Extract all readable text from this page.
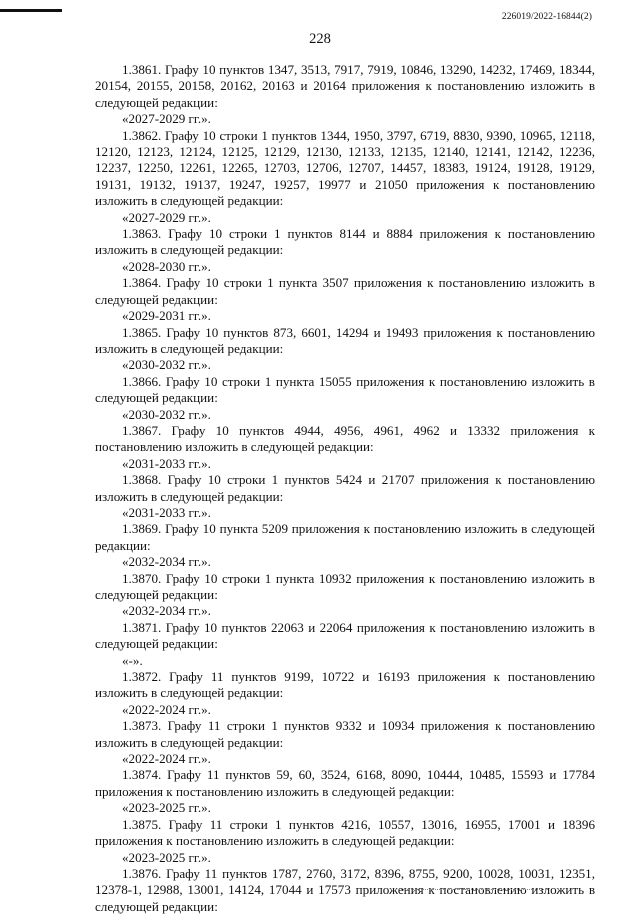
228
226019/2022-16844(2)

1.3861. Графу 10 пунктов 1347, 3513, 7917, 7919, 10846, 13290, 14232, 17469, 18344, 20154, 20155, 20158, 20162, 20163 и 20164 приложения к постановлению изложить в следующей редакции:

«2027-2029 гг.».

1.3862. Графу 10 строки 1 пунктов 1344, 1950, 3797, 6719, 8830, 9390, 10965, 12118, 12120, 12123, 12124, 12125, 12129, 12130, 12133, 12135, 12140, 12141, 12142, 12236, 12237, 12250, 12261, 12265, 12703, 12706, 12707, 14457, 18383, 19124, 19128, 19129, 19131, 19132, 19137, 19247, 19257, 19977 и 21050 приложения к постановлению изложить в следующей редакции:

«2027-2029 гг.».

1.3863. Графу 10 строки 1 пунктов 8144 и 8884 приложения к постановлению изложить в следующей редакции:

«2028-2030 гг.».

1.3864. Графу 10 строки 1 пункта 3507 приложения к постановлению изложить в следующей редакции:

«2029-2031 гг.».

1.3865. Графу 10 пунктов 873, 6601, 14294 и 19493 приложения к постановлению изложить в следующей редакции:

«2030-2032 гг.».

1.3866. Графу 10 строки 1 пункта 15055 приложения к постановлению изложить в следующей редакции:

«2030-2032 гг.».

1.3867. Графу 10 пунктов 4944, 4956, 4961, 4962 и 13332 приложения к постановлению изложить в следующей редакции:

«2031-2033 гг.».

1.3868. Графу 10 строки 1 пунктов 5424 и 21707 приложения к постановлению изложить в следующей редакции:

«2031-2033 гг.».

1.3869. Графу 10 пункта 5209 приложения к постановлению изложить в следующей редакции:

«2032-2034 гг.».

1.3870. Графу 10 строки 1 пункта 10932 приложения к постановлению изложить в следующей редакции:

«2032-2034 гг.».

1.3871. Графу 10 пунктов 22063 и 22064 приложения к постановлению изложить в следующей редакции:

«-».

1.3872. Графу 11 пунктов 9199, 10722 и 16193 приложения к постановлению изложить в следующей редакции:

«2022-2024 гг.».

1.3873. Графу 11 строки 1 пунктов 9332 и 10934 приложения к постановлению изложить в следующей редакции:

«2022-2024 гг.».

1.3874. Графу 11 пунктов 59, 60, 3524, 6168, 8090, 10444, 10485, 15593 и 17784 приложения к постановлению изложить в следующей редакции:

«2023-2025 гг.».

1.3875. Графу 11 строки 1 пунктов 4216, 10557, 13016, 16955, 17001 и 18396 приложения к постановлению изложить в следующей редакции:

«2023-2025 гг.».

1.3876. Графу 11 пунктов 1787, 2760, 3172, 8396, 8755, 9200, 10028, 10031, 12351, 12378-1, 12988, 13001, 14124, 17044 и 17573 приложения к постановлению изложить в следующей редакции:
